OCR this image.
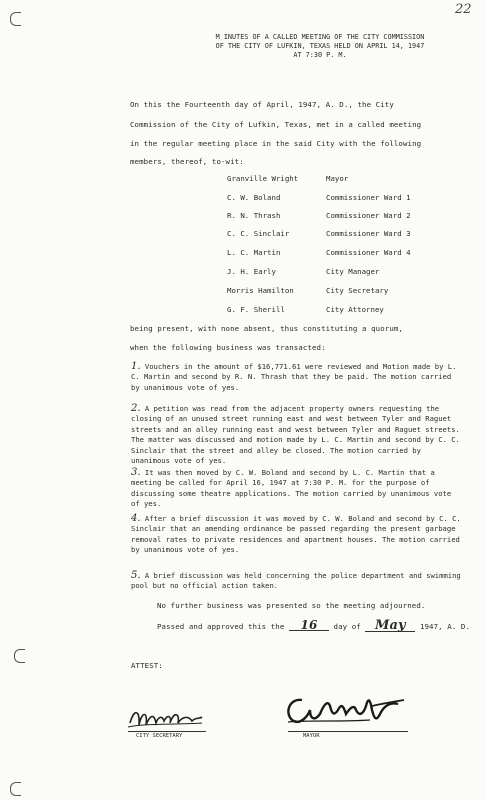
22
M INUTES OF A CALLED MEETING OF THE CITY COMMISSION
OF THE CITY OF LUFKIN, TEXAS HELD ON APRIL 14, 1947
AT 7:30 P. M.
On this the Fourteenth day of April, 1947, A. D., the City
Commission of the City of Lufkin, Texas, met in a called meeting
in the regular meeting place in the said City with the following
members, thereof, to-wit:
Granville Wright	Mayor
C. W. Boland	Commissioner Ward 1
R. N. Thrash	Commissioner Ward 2
C. C. Sinclair	Commissioner Ward 3
L. C. Martin	Commissioner Ward 4
J. H. Early	City Manager
Morris Hamilton	City Secretary
G. F. Sherill	City Attorney
being present, with none absent, thus constituting a quorum,
when the following business was transacted:
1. Vouchers in the amount of $16,771.61 were reviewed and Motion made by L. C. Martin and second by R. N. Thrash that they be paid. The motion carried by unanimous vote of yes.
2. A petition was read from the adjacent property owners requesting the closing of an unused street running east and west between Tyler and Raguet streets and an alley running east and west between Tyler and Raguet streets. The matter was discussed and motion made by L. C. Martin and second by C. C. Sinclair that the street and alley be closed. The motion carried by unanimous vote of yes.
3. It was then moved by C. W. Boland and second by L. C. Martin that a meeting be called for April 16, 1947 at 7:30 P. M. for the purpose of discussing some theatre applications. The motion carried by unanimous vote of yes.
4. After a brief discussion it was moved by C. W. Boland and second by C. C. Sinclair that an amending ordinance be passed regarding the present garbage removal rates to private residences and apartment houses. The motion carried by unanimous vote of yes.
5. A brief discussion was held concerning the police department and swimming pool but no official action taken.
No further business was presented so the meeting adjourned.
Passed and approved this the 16 day of May 1947, A. D.
ATTEST:
CITY SECRETARY	MAYOR
